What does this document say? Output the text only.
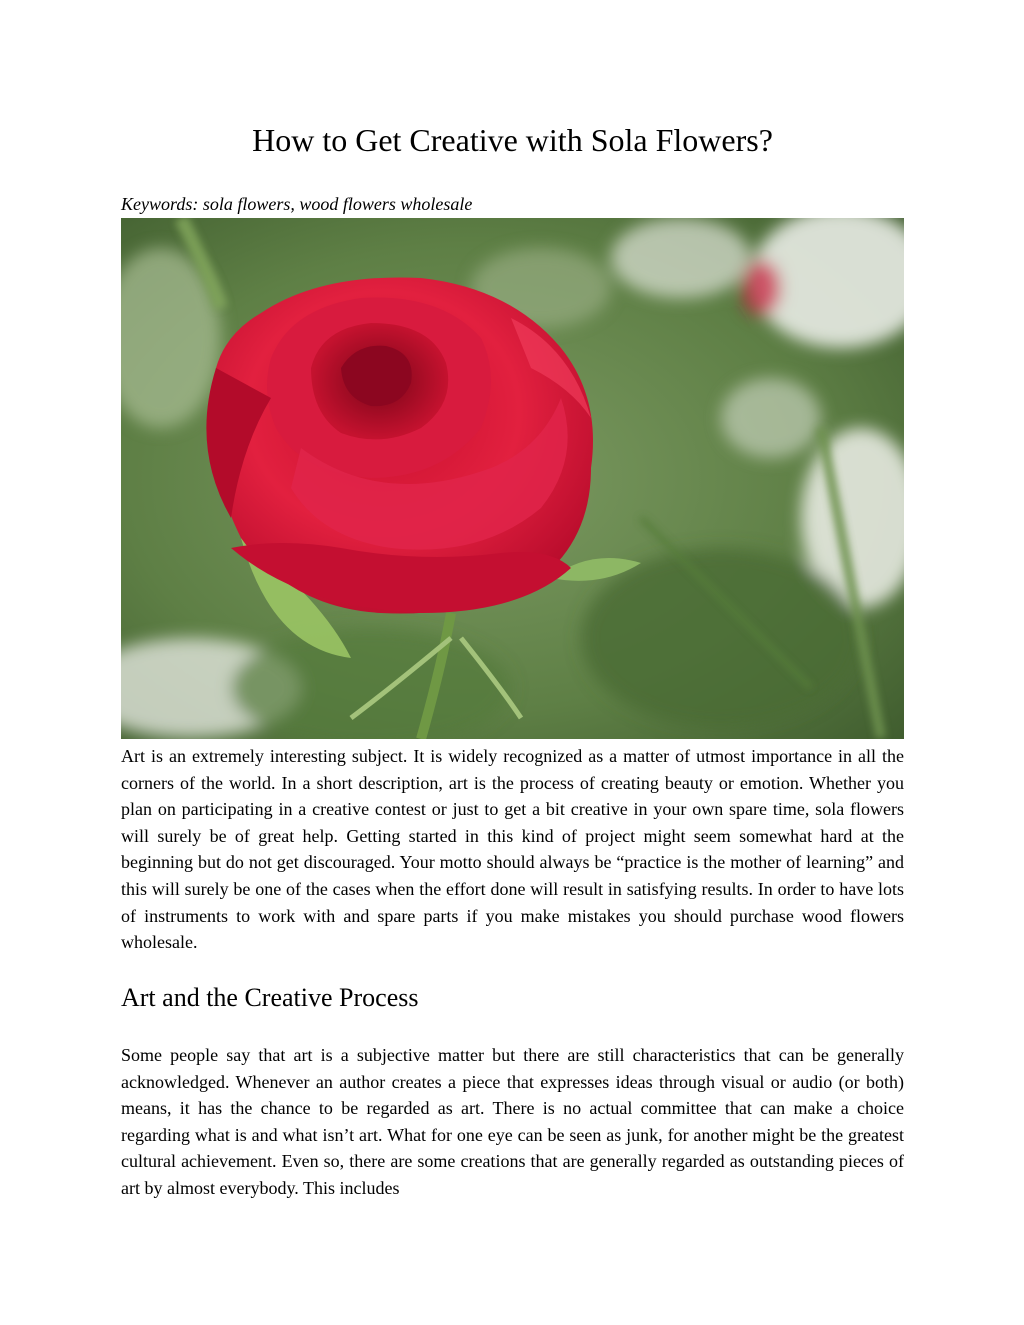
How to Get Creative with Sola Flowers?

Keywords: sola flowers, wood flowers wholesale

Art is an extremely interesting subject. It is widely recognized as a matter of utmost importance in all the corners of the world. In a short description, art is the process of creating beauty or emotion. Whether you plan on participating in a creative contest or just to get a bit creative in your own spare time, sola flowers will surely be of great help. Getting started in this kind of project might seem somewhat hard at the beginning but do not get discouraged. Your motto should always be “practice is the mother of learning” and this will surely be one of the cases when the effort done will result in satisfying results. In order to have lots of instruments to work with and spare parts if you make mistakes you should purchase wood flowers wholesale.

Art and the Creative Process

Some people say that art is a subjective matter but there are still characteristics that can be generally acknowledged. Whenever an author creates a piece that expresses ideas through visual or audio (or both) means, it has the chance to be regarded as art. There is no actual committee that can make a choice regarding what is and what isn’t art. What for one eye can be seen as junk, for another might be the greatest cultural achievement. Even so, there are some creations that are generally regarded as outstanding pieces of art by almost everybody. This includes
